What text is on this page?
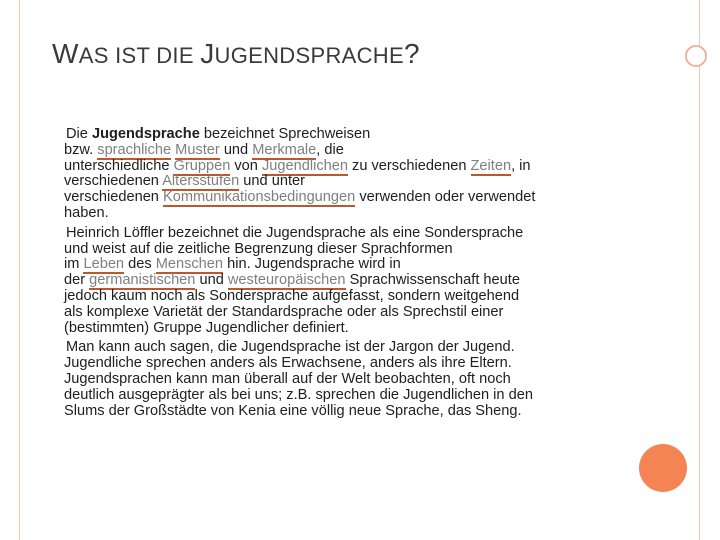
WAS IST DIE JUGENDSPRACHE?
Die Jugendsprache bezeichnet Sprechweisen
bzw. sprachliche Muster und Merkmale, die
unterschiedliche Gruppen von Jugendlichen zu verschiedenen Zeiten, in
verschiedenen Altersstufen und unter
verschiedenen Kommunikationsbedingungen verwenden oder verwendet
haben.
Heinrich Löffler bezeichnet die Jugendsprache als eine Sondersprache
und weist auf die zeitliche Begrenzung dieser Sprachformen
im Leben des Menschen hin. Jugendsprache wird in
der germanistischen und westeuropäischen Sprachwissenschaft heute
jedoch kaum noch als Sondersprache aufgefasst, sondern weitgehend
als komplexe Varietät der Standardsprache oder als Sprechstil einer
(bestimmten) Gruppe Jugendlicher definiert.
Man kann auch sagen, die Jugendsprache ist der Jargon der Jugend.
Jugendliche sprechen anders als Erwachsene, anders als ihre Eltern.
Jugendsprachen kann man überall auf der Welt beobachten, oft noch
deutlich ausgeprägter als bei uns; z.B. sprechen die Jugendlichen in den
Slums der Großstädte von Kenia eine völlig neue Sprache, das Sheng.
